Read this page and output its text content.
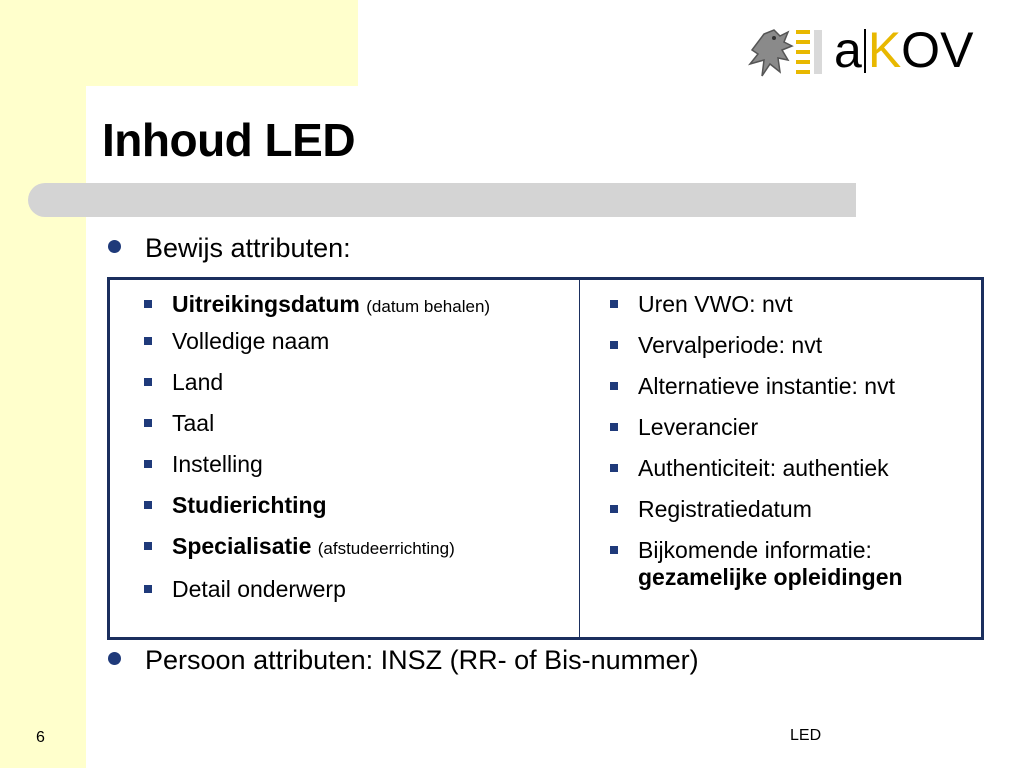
a KOV
Inhoud LED
Bewijs attributen:
Uitreikingsdatum (datum behalen)
Volledige naam
Land
Taal
Instelling
Studierichting
Specialisatie (afstudeerrichting)
Detail onderwerp
Uren VWO: nvt
Vervalperiode: nvt
Alternatieve instantie: nvt
Leverancier
Authenticiteit: authentiek
Registratiedatum
Bijkomende informatie:
gezamelijke opleidingen
Persoon attributen: INSZ (RR- of Bis-nummer)
6	LED
